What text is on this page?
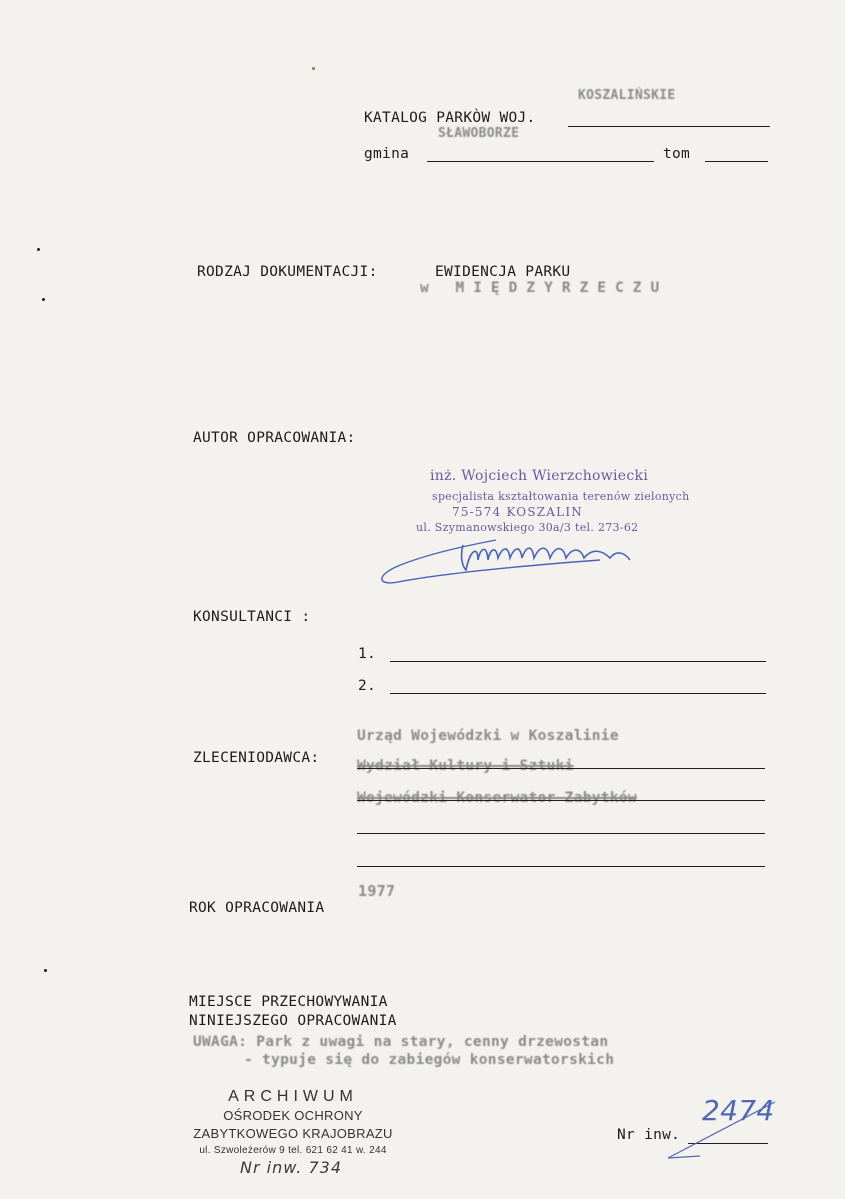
KATALOG PARKÒW WOJ.
KOSZALIŃSKIE
SŁAWOBORZE
gmina	tom
RODZAJ DOKUMENTACJI:	EWIDENCJA PARKU
w MIĘDZYRZECZU
AUTOR OPRACOWANIA:
inż. Wojciech Wierzchowiecki
specjalista kształtowania terenów zielonych
75-574 KOSZALIN
ul. Szymanowskiego 30a/3 tel. 273-62
KONSULTANCI :
1.
2.
ZLECENIODAWCA:
Urząd Wojewódzki w Koszalinie
Wydział Kultury i Sztuki
Wojewódzki Konserwator Zabytków
1977
ROK OPRACOWANIA
MIEJSCE PRZECHOWYWANIA
NINIEJSZEGO OPRACOWANIA
UWAGA: Park z uwagi na stary, cenny drzewostan
- typuje się do zabiegów konserwatorskich
ARCHIWUM
OŚRODEK OCHRONY
ZABYTKOWEGO KRAJOBRAZU
ul. Szwoleżerów 9 tel. 621 62 41 w. 244
Nr inw. 734
Nr inw.
2474
